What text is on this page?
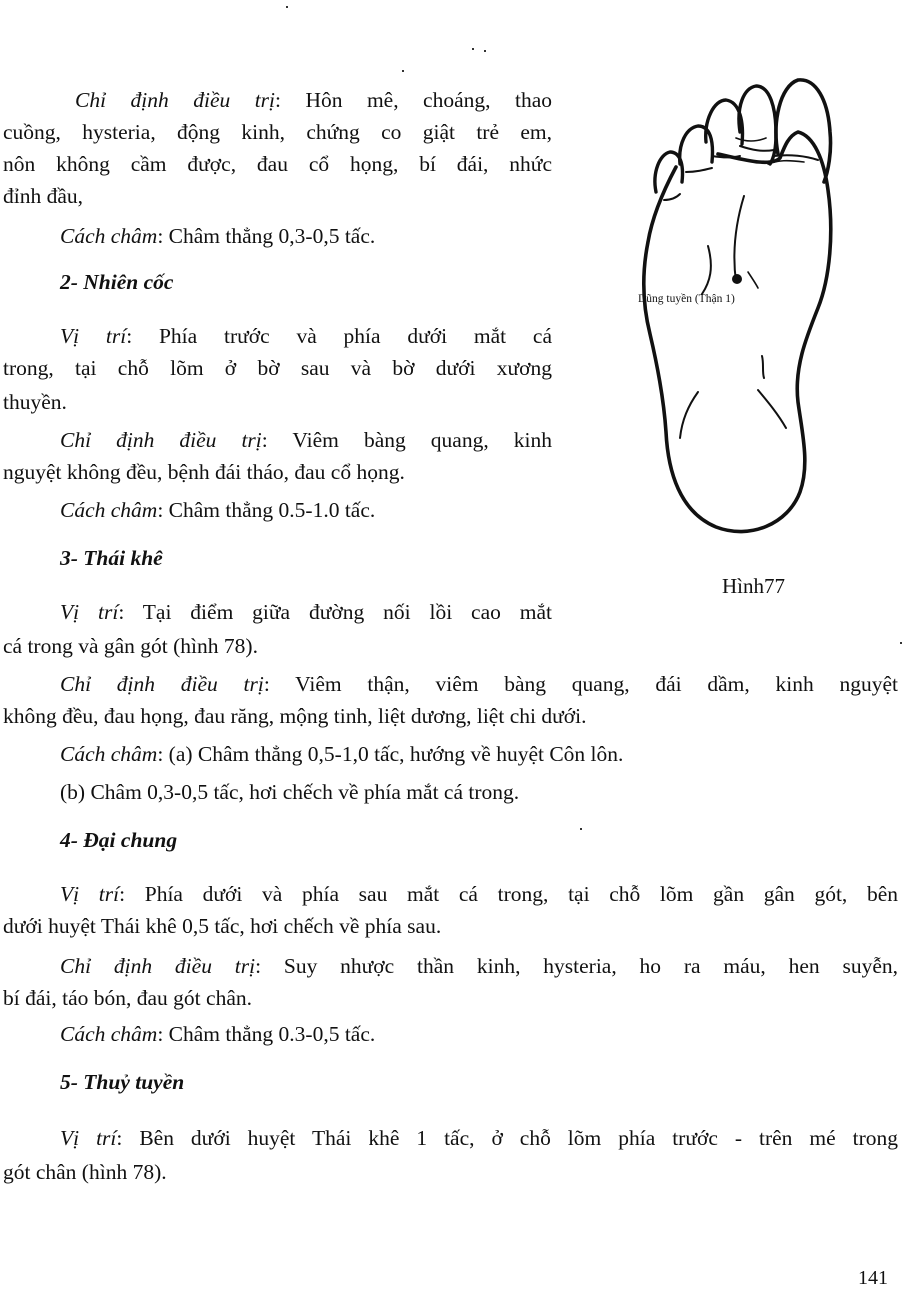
Chỉ định điều trị: Hôn mê, choáng, thao
cuồng, hysteria, động kinh, chứng co giật trẻ em,
nôn không cầm được, đau cổ họng, bí đái, nhức
đỉnh đầu,
Cách châm: Châm thẳng 0,3-0,5 tấc.
2- Nhiên cốc
Vị trí: Phía trước và phía dưới mắt cá
trong, tại chỗ lõm ở bờ sau và bờ dưới xương
thuyền.
Chỉ định điều trị: Viêm bàng quang, kinh
nguyệt không đều, bệnh đái tháo, đau cổ họng.
Cách châm: Châm thẳng 0.5-1.0 tấc.
3- Thái khê
Vị trí: Tại điểm giữa đường nối lồi cao mắt
cá trong và gân gót (hình 78).
Chỉ định điều trị: Viêm thận, viêm bàng quang, đái dầm, kinh nguyệt
không đều, đau họng, đau răng, mộng tinh, liệt dương, liệt chi dưới.
Cách châm: (a) Châm thẳng 0,5-1,0 tấc, hướng về huyệt Côn lôn.
(b) Châm 0,3-0,5 tấc, hơi chếch về phía mắt cá trong.
4- Đại chung
Vị trí: Phía dưới và phía sau mắt cá trong, tại chỗ lõm gần gân gót, bên
dưới huyệt Thái khê 0,5 tấc, hơi chếch về phía sau.
Chỉ định điều trị: Suy nhược thần kinh, hysteria, ho ra máu, hen suyễn,
bí đái, táo bón, đau gót chân.
Cách châm: Châm thẳng 0.3-0,5 tấc.
5- Thuỷ tuyền
Vị trí: Bên dưới huyệt Thái khê 1 tấc, ở chỗ lõm phía trước - trên mé trong
gót chân (hình 78).
Dũng tuyền (Thận 1)
Hình77
141
